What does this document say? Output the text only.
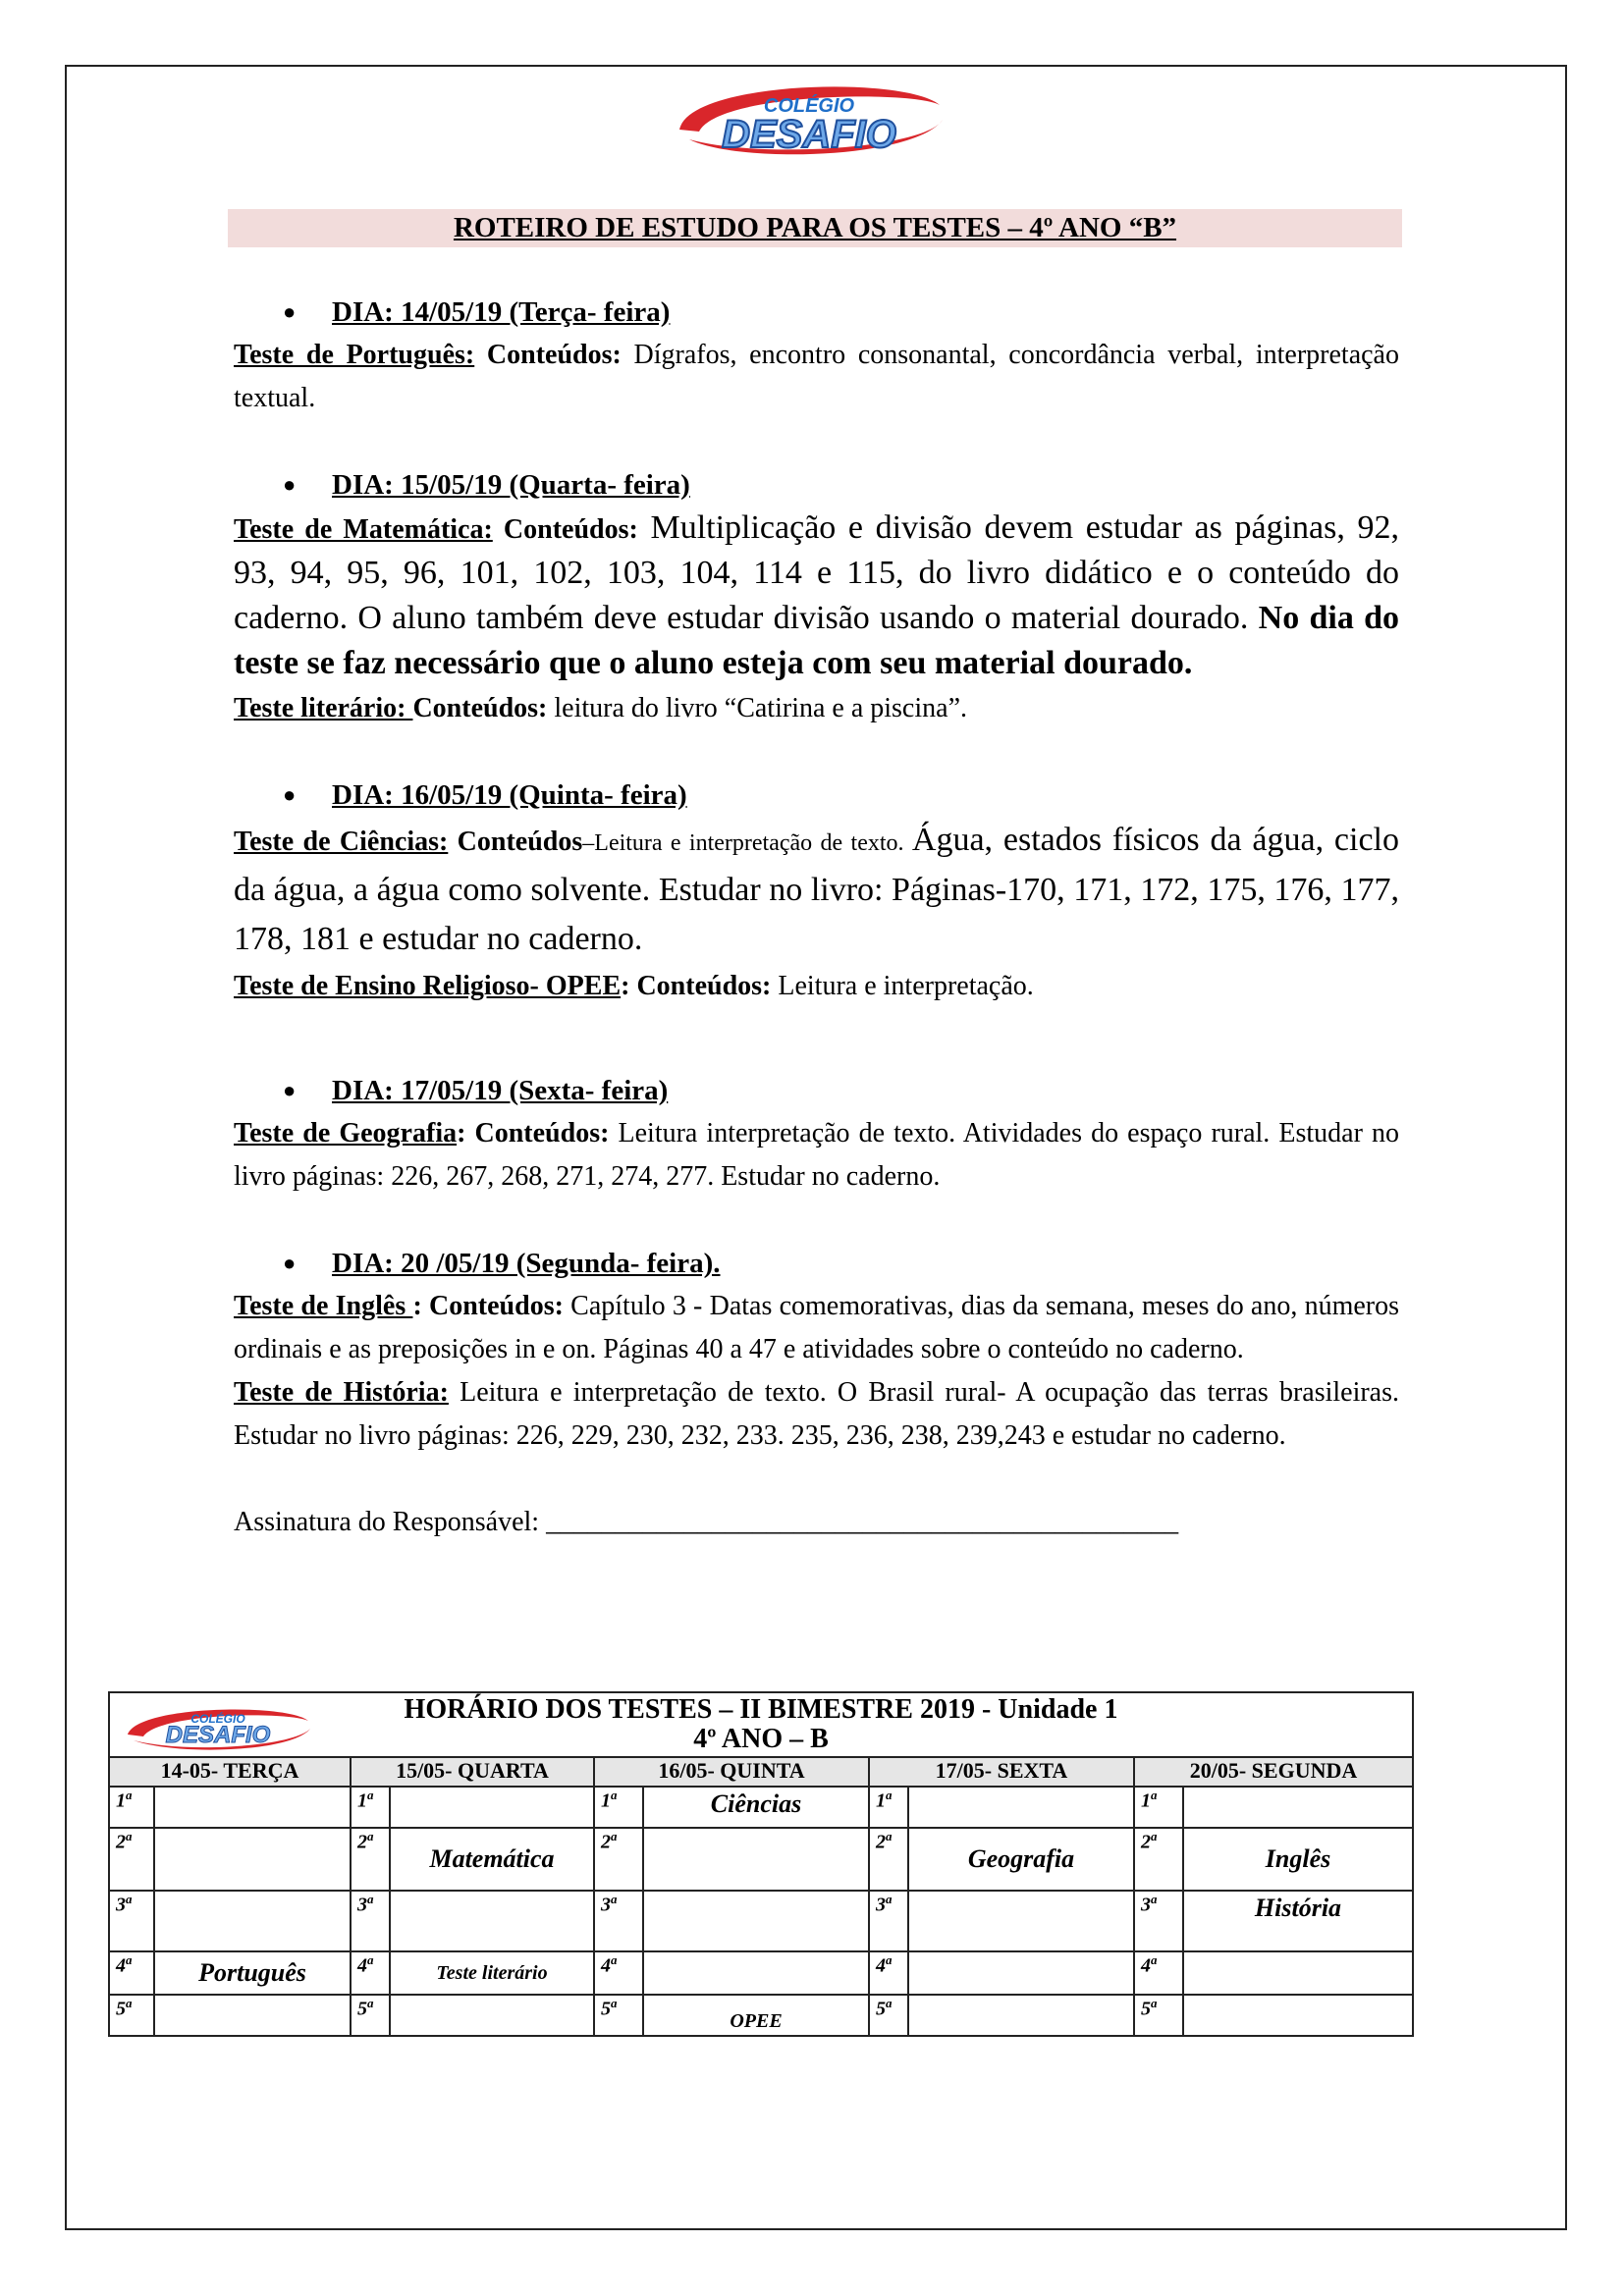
COLÉGIO
DESAFIO
ROTEIRO DE ESTUDO PARA OS TESTES – 4º ANO “B”
● DIA: 14/05/19 (Terça- feira)

Teste de Português: Conteúdos: Dígrafos, encontro consonantal, concordância verbal, interpretação textual.

● DIA: 15/05/19 (Quarta- feira)

Teste de Matemática: Conteúdos: Multiplicação e divisão devem estudar as páginas, 92, 93, 94, 95, 96, 101, 102, 103, 104, 114 e 115, do livro didático e o conteúdo do caderno. O aluno também deve estudar divisão usando o material dourado. No dia do teste se faz necessário que o aluno esteja com seu material dourado.

Teste literário: Conteúdos: leitura do livro “Catirina e a piscina”.

● DIA: 16/05/19 (Quinta- feira)

Teste de Ciências: Conteúdos–Leitura e interpretação de texto. Água, estados físicos da água, ciclo da água, a água como solvente. Estudar no livro: Páginas-170, 171, 172, 175, 176, 177, 178, 181 e estudar no caderno.

Teste de Ensino Religioso- OPEE: Conteúdos: Leitura e interpretação.

● DIA: 17/05/19 (Sexta- feira)

Teste de Geografia: Conteúdos: Leitura interpretação de texto. Atividades do espaço rural. Estudar no livro páginas: 226, 267, 268, 271, 274, 277. Estudar no caderno.

● DIA: 20 /05/19 (Segunda- feira).

Teste de Inglês : Conteúdos: Capítulo 3 - Datas comemorativas, dias da semana, meses do ano, números ordinais e as preposições in e on. Páginas 40 a 47 e atividades sobre o conteúdo no caderno.

Teste de História: Leitura e interpretação de texto. O Brasil rural- A ocupação das terras brasileiras. Estudar no livro páginas: 226, 229, 230, 232, 233. 235, 236, 238, 239,243 e estudar no caderno.

Assinatura do Responsável: ______________________________________________

COLÉGIO
DESAFIO
HORÁRIO DOS TESTES – II BIMESTRE 2019 - Unidade 1
4º ANO – B									

14-05- TERÇA		15/05- QUARTA		16/05- QUINTA		17/05- SEXTA		20/05- SEGUNDA	
1$^a$		1$^a$		1$^a$	Ciências	1$^a$		1$^a$	
2$^a$		2$^a$	Matemática	2$^a$		2$^a$	Geografia	2$^a$	Inglês
3$^a$		3$^a$		3$^a$		3$^a$		3$^a$	História
4$^a$	Português	4$^a$	Teste literário	4$^a$		4$^a$		4$^a$	
5$^a$		5$^a$		5$^a$	OPEE	5$^a$		5$^a$	
